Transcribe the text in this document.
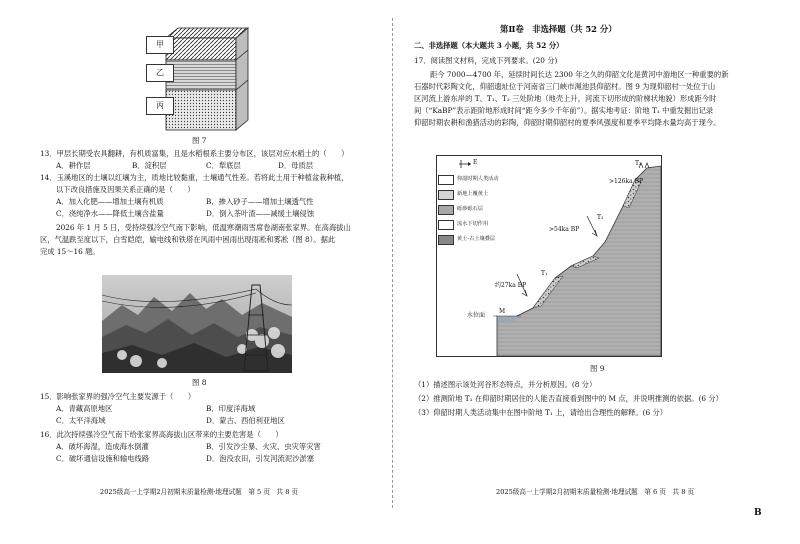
甲
乙
丙
图 7
13．甲层长期受农具翻耕，有机质富集，且是水稻根系主要分布区，该层对应水稻土的（　　）
A．耕作层	B．淀积层	C．犁底层	D．母质层
14．玉溪地区的土壤以红壤为主，质地比较黏重，土壤通气性差。若将此土用于种植盆栽种植，
以下改良措施及因果关系正确的是（　　）
A．加入化肥——增加土壤有机质	B．掺入砂子——增加土壤透气性
C．浇纯净水——降低土壤含盐量	D．倒入茶叶渣——减缓土壤侵蚀
2026 年 1 月 5 日，受持续强冷空气南下影响，低温寒潮雨雪席卷湖南张家界。在高海拔山
区，气温跌至度以下，白雪皑皑，输电线和铁塔在风雨中困雨出现雨凇和雾凇（图 8）。据此
完成 15～16 题。
图 8
15．影响张家界的强冷空气主要发源于（　　）
A．青藏高原地区	B．印度洋海域
C．太平洋海域	D．蒙古、西伯利亚地区
16．此次持续强冷空气南下给张家界高海拔山区带来的主要危害是（　　）
A．破坏海湿，造成海水倒灌	B．引发沙尘暴、火灾、虫灾等灾害
C．破坏通信设施和输电线路	D．泡没农田，引发河流泥沙淤塞
2025级高一上学期2月初期末质量检测·地理试题　第 5 页　共 8 页
第Ⅱ卷　非选择题（共 52 分）
二、非选择题（本大题共 3 小题，共 52 分）
17．阅读图文材料，完成下列要求。(20 分)
距今 7000—4700 年，延续时间长达 2300 年之久的仰韶文化是黄河中游地区一种重要的新
石器时代彩陶文化，仰韶遗址位于河南省三门峡市渑池县仰韶村。图 9 为现仰韶村一处位于山
区河流上游东岸的 T、T₁、T₂ 三处阶地（地壳上升，河流下切形成的阶梯状地貌）形成距今时
间（“KaBP”表示距阶地形成时间“距今多少千年前”）。据实地考证：阶地 T₁ 中重发掘出记录
仰韶时期农耕和渔猎活动的彩陶，仰韶时期仰韶村的夏季风强度和夏季平均降水量均高于现今。
图 9
（1）描述图示该处河谷形态特点，并分析原因。(8 分）
（2）推测阶地 T₁ 在仰韶时期居住的人能否直接看到图中的 M 点，并说明推测的依据。(6 分）
（3）仰韶时期人类活动集中在图中阶地 T₁ 上，请给出合理性的解释。(6 分）
2025级高一上学期2月初期末质量检测·地理试题　第 6 页　共 8 页
B
仰韶时期人类活动
新地上覆黄土
砾砂砾石层
流水下切作用
黄土-古土壤叠层
E
>126ka BP
>54ka BP
约27ka BP
T₃
T₂
T₁
水位面
M
